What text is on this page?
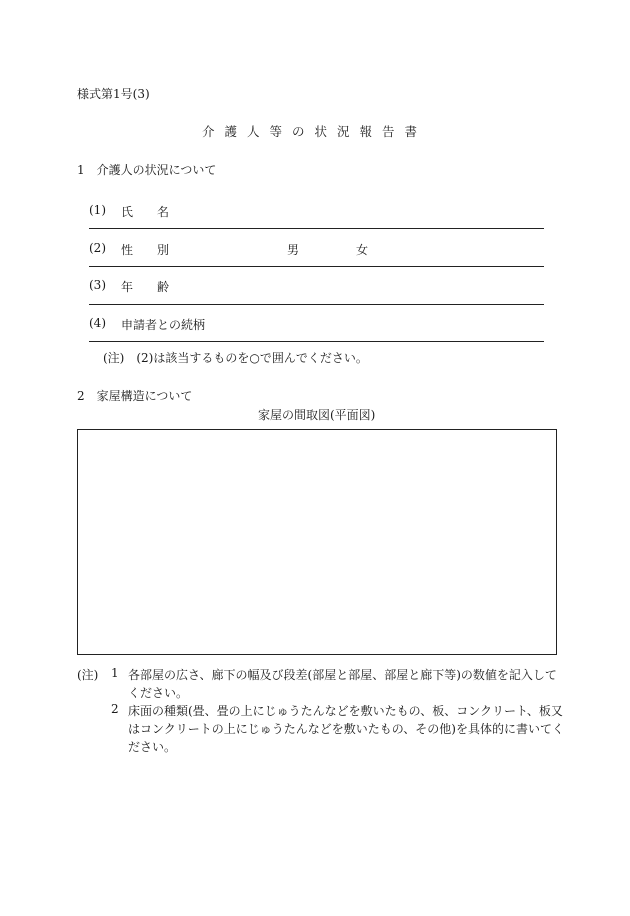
様式第1号(3)
介護人等の状況報告書
1　介護人の状況について
(1) 氏　　名
(2) 性　　別	男	女
(3) 年　　齢
(4) 申請者との続柄
(注)　(2)は該当するものを○で囲んでください。
2　家屋構造について
家屋の間取図(平面図)
(注) 1 各部屋の広さ、廊下の幅及び段差(部屋と部屋、部屋と廊下等)の数値を記入してください。
2 床面の種類(畳、畳の上にじゅうたんなどを敷いたもの、板、コンクリート、板又はコンクリートの上にじゅうたんなどを敷いたもの、その他)を具体的に書いてください。
